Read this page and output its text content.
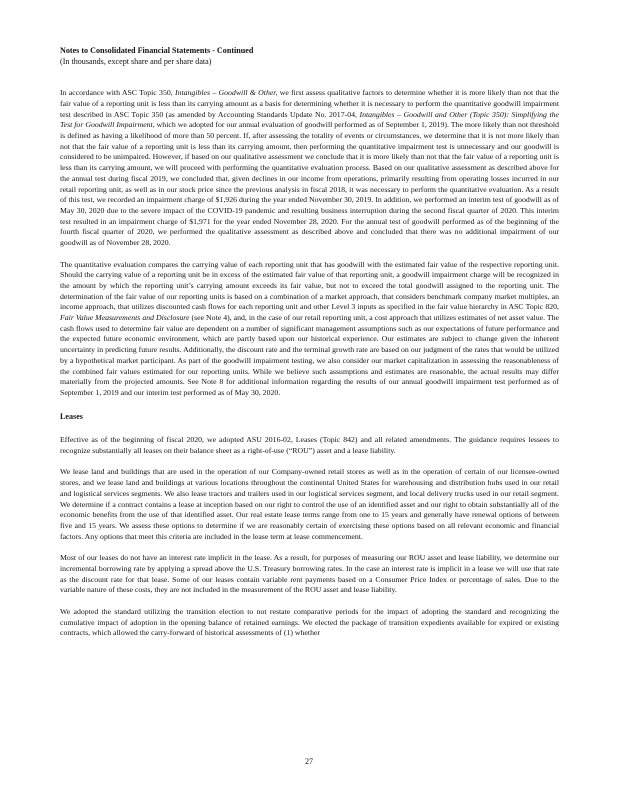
Notes to Consolidated Financial Statements - Continued
(In thousands, except share and per share data)

In accordance with ASC Topic 350, Intangibles – Goodwill & Other, we first assess qualitative factors to determine whether it is more likely than not that the fair value of a reporting unit is less than its carrying amount as a basis for determining whether it is necessary to perform the quantitative goodwill impairment test described in ASC Topic 350 (as amended by Accounting Standards Update No. 2017-04, Intangibles – Goodwill and Other (Topic 350): Simplifying the Test for Goodwill Impairment, which we adopted for our annual evaluation of goodwill performed as of September 1, 2019). The more likely than not threshold is defined as having a likelihood of more than 50 percent. If, after assessing the totality of events or circumstances, we determine that it is not more likely than not that the fair value of a reporting unit is less than its carrying amount, then performing the quantitative impairment test is unnecessary and our goodwill is considered to be unimpaired. However, if based on our qualitative assessment we conclude that it is more likely than not that the fair value of a reporting unit is less than its carrying amount, we will proceed with performing the quantitative evaluation process. Based on our qualitative assessment as described above for the annual test during fiscal 2019, we concluded that, given declines in our income from operations, primarily resulting from operating losses incurred in our retail reporting unit, as well as in our stock price since the previous analysis in fiscal 2018, it was necessary to perform the quantitative evaluation. As a result of this test, we recorded an impairment charge of $1,926 during the year ended November 30, 2019. In addition, we performed an interim test of goodwill as of May 30, 2020 due to the severe impact of the COVID-19 pandemic and resulting business interruption during the second fiscal quarter of 2020. This interim test resulted in an impairment charge of $1,971 for the year ended November 28, 2020. For the annual test of goodwill performed as of the beginning of the fourth fiscal quarter of 2020, we performed the qualitative assessment as described above and concluded that there was no additional impairment of our goodwill as of November 28, 2020.

The quantitative evaluation compares the carrying value of each reporting unit that has goodwill with the estimated fair value of the respective reporting unit. Should the carrying value of a reporting unit be in excess of the estimated fair value of that reporting unit, a goodwill impairment charge will be recognized in the amount by which the reporting unit’s carrying amount exceeds its fair value, but not to exceed the total goodwill assigned to the reporting unit. The determination of the fair value of our reporting units is based on a combination of a market approach, that considers benchmark company market multiples, an income approach, that utilizes discounted cash flows for each reporting unit and other Level 3 inputs as specified in the fair value hierarchy in ASC Topic 820, Fair Value Measurements and Disclosure (see Note 4), and, in the case of our retail reporting unit, a cost approach that utilizes estimates of net asset value. The cash flows used to determine fair value are dependent on a number of significant management assumptions such as our expectations of future performance and the expected future economic environment, which are partly based upon our historical experience. Our estimates are subject to change given the inherent uncertainty in predicting future results. Additionally, the discount rate and the terminal growth rate are based on our judgment of the rates that would be utilized by a hypothetical market participant. As part of the goodwill impairment testing, we also consider our market capitalization in assessing the reasonableness of the combined fair values estimated for our reporting units. While we believe such assumptions and estimates are reasonable, the actual results may differ materially from the projected amounts. See Note 8 for additional information regarding the results of our annual goodwill impairment test performed as of September 1, 2019 and our interim test performed as of May 30, 2020.

Leases

Effective as of the beginning of fiscal 2020, we adopted ASU 2016-02, Leases (Topic 842) and all related amendments. The guidance requires lessees to recognize substantially all leases on their balance sheet as a right-of-use (“ROU”) asset and a lease liability.

We lease land and buildings that are used in the operation of our Company-owned retail stores as well as in the operation of certain of our licensee-owned stores, and we lease land and buildings at various locations throughout the continental United States for warehousing and distribution hubs used in our retail and logistical services segments. We also lease tractors and trailers used in our logistical services segment, and local delivery trucks used in our retail segment. We determine if a contract contains a lease at inception based on our right to control the use of an identified asset and our right to obtain substantially all of the economic benefits from the use of that identified asset. Our real estate lease terms range from one to 15 years and generally have renewal options of between five and 15 years. We assess these options to determine if we are reasonably certain of exercising these options based on all relevant economic and financial factors. Any options that meet this criteria are included in the lease term at lease commencement.

Most of our leases do not have an interest rate implicit in the lease. As a result, for purposes of measuring our ROU asset and lease liability, we determine our incremental borrowing rate by applying a spread above the U.S. Treasury borrowing rates. In the case an interest rate is implicit in a lease we will use that rate as the discount rate for that lease. Some of our leases contain variable rent payments based on a Consumer Price Index or percentage of sales. Due to the variable nature of these costs, they are not included in the measurement of the ROU asset and lease liability.

We adopted the standard utilizing the transition election to not restate comparative periods for the impact of adopting the standard and recognizing the cumulative impact of adoption in the opening balance of retained earnings. We elected the package of transition expedients available for expired or existing contracts, which allowed the carry-forward of historical assessments of (1) whether

27
